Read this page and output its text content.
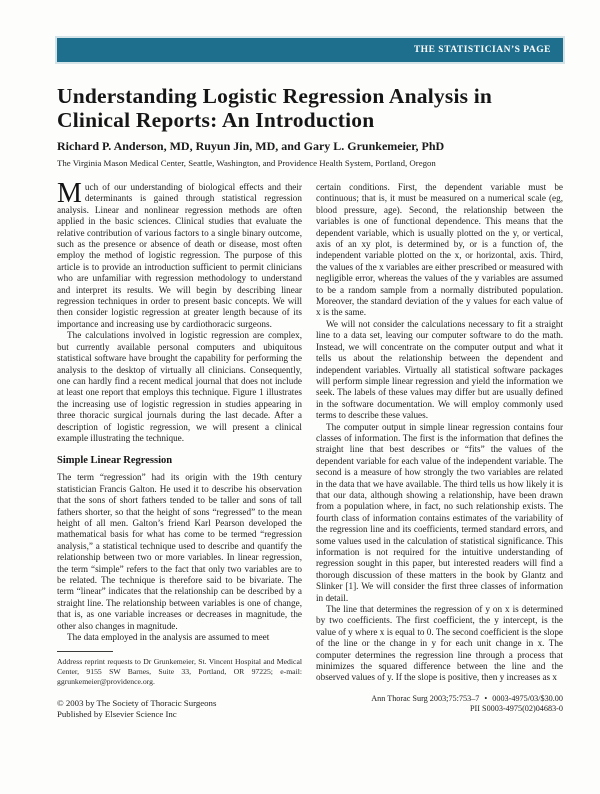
THE STATISTICIAN’S PAGE
Understanding Logistic Regression Analysis in
Clinical Reports: An Introduction
Richard P. Anderson, MD, Ruyun Jin, MD, and Gary L. Grunkemeier, PhD
The Virginia Mason Medical Center, Seattle, Washington, and Providence Health System, Portland, Oregon

Much of our understanding of biological effects and their determinants is gained through statistical regression analysis. Linear and nonlinear regression methods are often applied in the basic sciences. Clinical studies that evaluate the relative contribution of various factors to a single binary outcome, such as the presence or absence of death or disease, most often employ the method of logistic regression. The purpose of this article is to provide an introduction sufficient to permit clinicians who are unfamiliar with regression methodology to understand and interpret its results. We will begin by describing linear regression techniques in order to present basic concepts. We will then consider logistic regression at greater length because of its importance and increasing use by cardiothoracic surgeons.

The calculations involved in logistic regression are complex, but currently available personal computers and ubiquitous statistical software have brought the capability for performing the analysis to the desktop of virtually all clinicians. Consequently, one can hardly find a recent medical journal that does not include at least one report that employs this technique. Figure 1 illustrates the increasing use of logistic regression in studies appearing in three thoracic surgical journals during the last decade. After a description of logistic regression, we will present a clinical example illustrating the technique.

Simple Linear Regression

The term “regression” had its origin with the 19th century statistician Francis Galton. He used it to describe his observation that the sons of short fathers tended to be taller and sons of tall fathers shorter, so that the height of sons “regressed” to the mean height of all men. Galton’s friend Karl Pearson developed the mathematical basis for what has come to be termed “regression analysis,” a statistical technique used to describe and quantify the relationship between two or more variables. In linear regression, the term “simple” refers to the fact that only two variables are to be related. The technique is therefore said to be bivariate. The term “linear” indicates that the relationship can be described by a straight line. The relationship between variables is one of change, that is, as one variable increases or decreases in magnitude, the other also changes in magnitude.

The data employed in the analysis are assumed to meet

Address reprint requests to Dr Grunkemeier, St. Vincent Hospital and Medical Center, 9155 SW Barnes, Suite 33, Portland, OR 97225; e-mail: ggrunkemeier@providence.org.
© 2003 by The Society of Thoracic Surgeons
Published by Elsevier Science Inc

certain conditions. First, the dependent variable must be continuous; that is, it must be measured on a numerical scale (eg, blood pressure, age). Second, the relationship between the variables is one of functional dependence. This means that the dependent variable, which is usually plotted on the y, or vertical, axis of an xy plot, is determined by, or is a function of, the independent variable plotted on the x, or horizontal, axis. Third, the values of the x variables are either prescribed or measured with negligible error, whereas the values of the y variables are assumed to be a random sample from a normally distributed population. Moreover, the standard deviation of the y values for each value of x is the same.

We will not consider the calculations necessary to fit a straight line to a data set, leaving our computer software to do the math. Instead, we will concentrate on the computer output and what it tells us about the relationship between the dependent and independent variables. Virtually all statistical software packages will perform simple linear regression and yield the information we seek. The labels of these values may differ but are usually defined in the software documentation. We will employ commonly used terms to describe these values.

The computer output in simple linear regression contains four classes of information. The first is the information that defines the straight line that best describes or “fits” the values of the dependent variable for each value of the independent variable. The second is a measure of how strongly the two variables are related in the data that we have available. The third tells us how likely it is that our data, although showing a relationship, have been drawn from a population where, in fact, no such relationship exists. The fourth class of information contains estimates of the variability of the regression line and its coefficients, termed standard errors, and some values used in the calculation of statistical significance. This information is not required for the intuitive understanding of regression sought in this paper, but interested readers will find a thorough discussion of these matters in the book by Glantz and Slinker [1]. We will consider the first three classes of information in detail.

The line that determines the regression of y on x is determined by two coefficients. The first coefficient, the y intercept, is the value of y where x is equal to 0. The second coefficient is the slope of the line or the change in y for each unit change in x. The computer determines the regression line through a process that minimizes the squared difference between the line and the observed values of y. If the slope is positive, then y increases as x

Ann Thorac Surg 2003;75:753–7 • 0003-4975/03/$30.00
PII S0003-4975(02)04683-0
